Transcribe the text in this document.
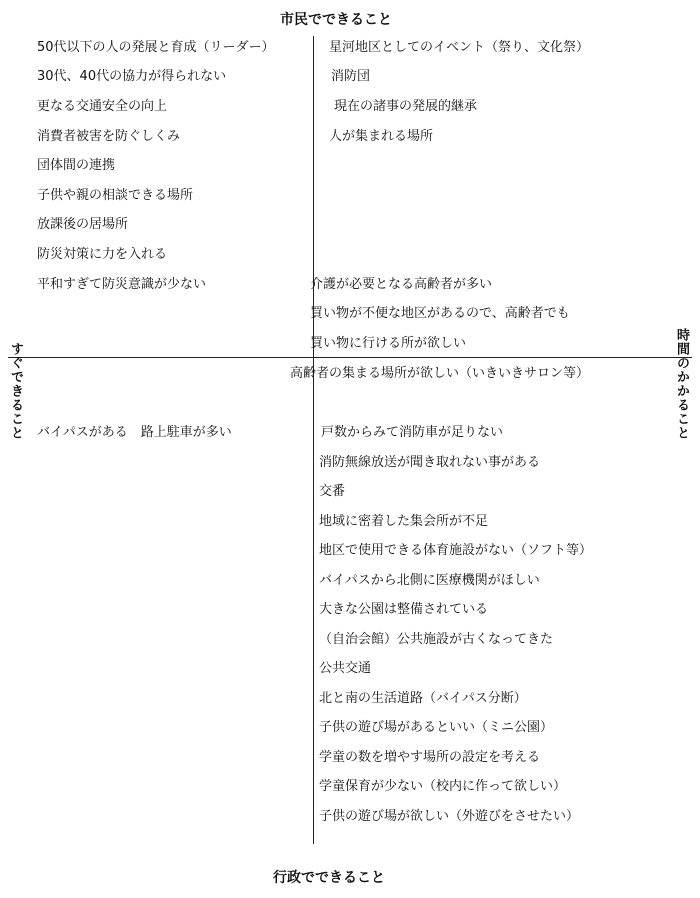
市民でできること
行政でできること
すぐできること	時間のかかること
50代以下の人の発展と育成（リーダー）
30代、40代の協力が得られない
更なる交通安全の向上
消費者被害を防ぐしくみ
団体間の連携
子供や親の相談できる場所
放課後の居場所
防災対策に力を入れる
平和すぎて防災意識が少ない
星河地区としてのイベント（祭り、文化祭）
消防団
現在の諸事の発展的継承
人が集まれる場所
介護が必要となる高齢者が多い
買い物が不便な地区があるので、高齢者でも
買い物に行ける所が欲しい
高齢者の集まる場所が欲しい（いきいきサロン等）
バイパスがある　路上駐車が多い	戸数からみて消防車が足りない
消防無線放送が聞き取れない事がある
交番
地域に密着した集会所が不足
地区で使用できる体育施設がない（ソフト等）
バイパスから北側に医療機関がほしい
大きな公園は整備されている
（自治会館）公共施設が古くなってきた
公共交通
北と南の生活道路（バイパス分断）
子供の遊び場があるといい（ミニ公園）
学童の数を増やす場所の設定を考える
学童保育が少ない（校内に作って欲しい）
子供の遊び場が欲しい（外遊びをさせたい）
